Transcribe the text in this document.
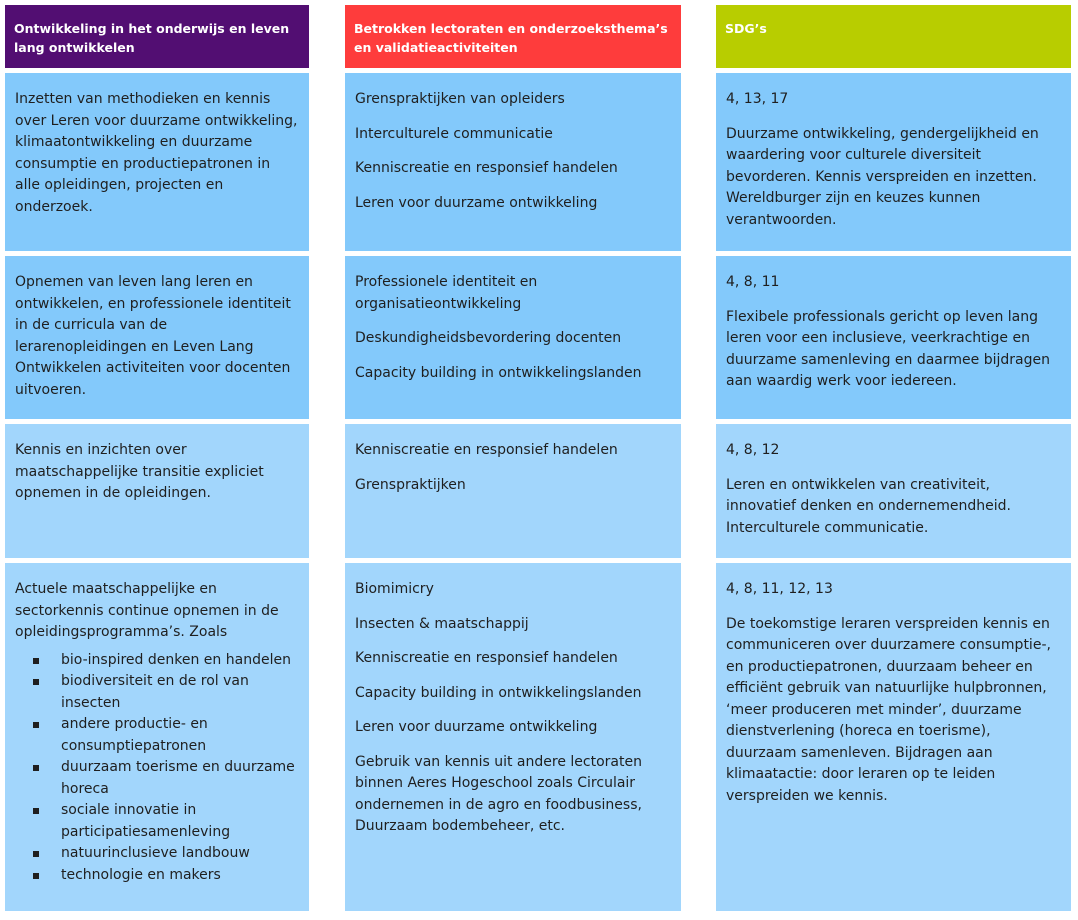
Ontwikkeling in het onderwijs en leven lang ontwikkelen
Betrokken lectoraten en onderzoeksthema’s en validatieactiviteiten
SDG’s
Inzetten van methodieken en kennis over Leren voor duurzame ontwikkeling, klimaatontwikkeling en duurzame consumptie en productiepatronen in alle opleidingen, projecten en onderzoek.
Grenspraktijken van opleiders
Interculturele communicatie
Kenniscreatie en responsief handelen
Leren voor duurzame ontwikkeling
4, 13, 17
Duurzame ontwikkeling, gendergelijkheid en waardering voor culturele diversiteit bevorderen. Kennis verspreiden en inzetten. Wereldburger zijn en keuzes kunnen verantwoorden.
Opnemen van leven lang leren en ontwikkelen, en professionele identiteit in de curricula van de lerarenopleidingen en Leven Lang Ontwikkelen activiteiten voor docenten uitvoeren.
Professionele identiteit en organisatieontwikkeling
Deskundigheidsbevordering docenten
Capacity building in ontwikkelingslanden
4, 8, 11
Flexibele professionals gericht op leven lang leren voor een inclusieve, veerkrachtige en duurzame samenleving en daarmee bijdragen aan waardig werk voor iedereen.
Kennis en inzichten over maatschappelijke transitie expliciet opnemen in de opleidingen.
Kenniscreatie en responsief handelen
Grenspraktijken
4, 8, 12
Leren en ontwikkelen van creativiteit, innovatief denken en ondernemendheid. Interculturele communicatie.
Actuele maatschappelijke en sectorkennis continue opnemen in de opleidingsprogramma’s. Zoals
bio-inspired denken en handelen
biodiversiteit en de rol van insecten
andere productie- en consumptiepatronen
duurzaam toerisme en duurzame horeca
sociale innovatie in participatiesamenleving
natuurinclusieve landbouw
technologie en makers
Biomimicry
Insecten & maatschappij
Kenniscreatie en responsief handelen
Capacity building in ontwikkelingslanden
Leren voor duurzame ontwikkeling
Gebruik van kennis uit andere lectoraten binnen Aeres Hogeschool zoals Circulair ondernemen in de agro en foodbusiness, Duurzaam bodembeheer, etc.
4, 8, 11, 12, 13
De toekomstige leraren verspreiden kennis en communiceren over duurzamere consumptie-, en productiepatronen, duurzaam beheer en efficiënt gebruik van natuurlijke hulpbronnen, ‘meer produceren met minder’, duurzame dienstverlening (horeca en toerisme), duurzaam samenleven. Bijdragen aan klimaatactie: door leraren op te leiden verspreiden we kennis.
